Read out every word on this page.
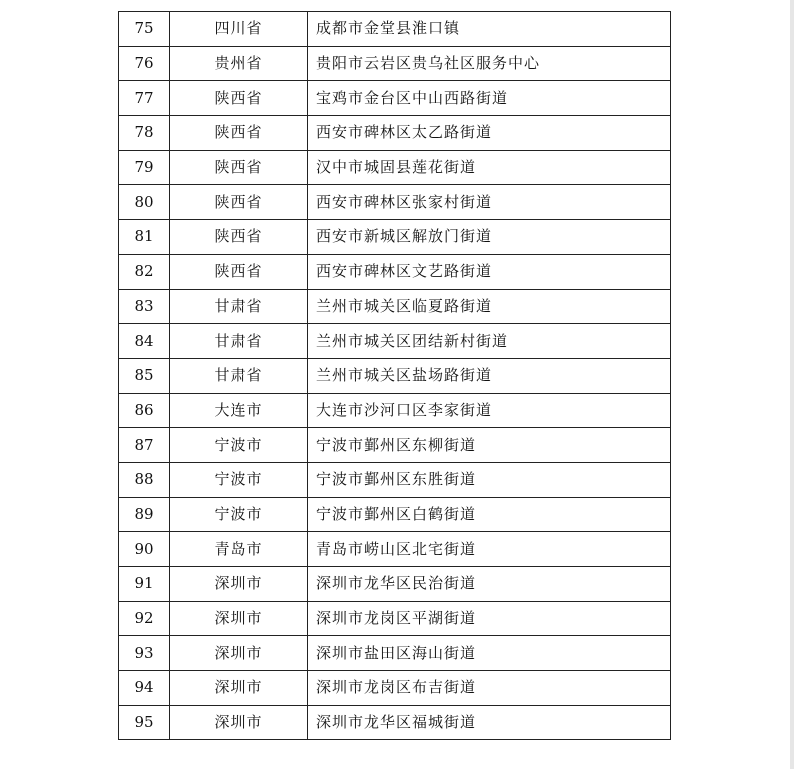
75	四川省	成都市金堂县淮口镇
76	贵州省	贵阳市云岩区贵乌社区服务中心
77	陕西省	宝鸡市金台区中山西路街道
78	陕西省	西安市碑林区太乙路街道
79	陕西省	汉中市城固县莲花街道
80	陕西省	西安市碑林区张家村街道
81	陕西省	西安市新城区解放门街道
82	陕西省	西安市碑林区文艺路街道
83	甘肃省	兰州市城关区临夏路街道
84	甘肃省	兰州市城关区团结新村街道
85	甘肃省	兰州市城关区盐场路街道
86	大连市	大连市沙河口区李家街道
87	宁波市	宁波市鄞州区东柳街道
88	宁波市	宁波市鄞州区东胜街道
89	宁波市	宁波市鄞州区白鹤街道
90	青岛市	青岛市崂山区北宅街道
91	深圳市	深圳市龙华区民治街道
92	深圳市	深圳市龙岗区平湖街道
93	深圳市	深圳市盐田区海山街道
94	深圳市	深圳市龙岗区布吉街道
95	深圳市	深圳市龙华区福城街道
